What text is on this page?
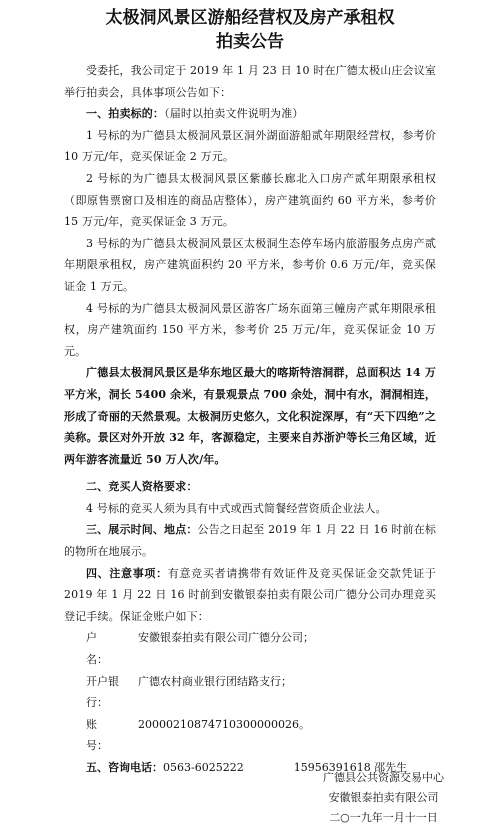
太极洞风景区游船经营权及房产承租权
拍卖公告

受委托，我公司定于 2019 年 1 月 23 日 10 时在广德太极山庄会议室举行拍卖会，具体事项公告如下：

一、拍卖标的：（届时以拍卖文件说明为准）

1 号标的为广德县太极洞风景区洞外湖面游船贰年期限经营权，参考价 10 万元/年，竞买保证金 2 万元。

2 号标的为广德县太极洞风景区紫藤长廊北入口房产贰年期限承租权（即原售票窗口及相连的商品店整体），房产建筑面约 60 平方米，参考价 15 万元/年，竞买保证金 3 万元。

3 号标的为广德县太极洞风景区太极洞生态停车场内旅游服务点房产贰年期限承租权，房产建筑面积约 20 平方米，参考价 0.6 万元/年，竞买保证金 1 万元。

4 号标的为广德县太极洞风景区游客广场东面第三幢房产贰年期限承租权，房产建筑面约 150 平方米，参考价 25 万元/年，竞买保证金 10 万元。

广德县太极洞风景区是华东地区最大的喀斯特溶洞群，总面积达 14 万平方米，洞长 5400 余米，有景观景点 700 余处，洞中有水，洞洞相连，形成了奇丽的天然景观。太极洞历史悠久，文化积淀深厚，有“天下四绝”之美称。景区对外开放 32 年，客源稳定，主要来自苏浙沪等长三角区域，近两年游客流量近 50 万人次/年。

二、竞买人资格要求：

4 号标的竞买人须为具有中式或西式简餐经营资质企业法人。

三、展示时间、地点：公告之日起至 2019 年 1 月 22 日 16 时前在标的物所在地展示。

四、注意事项：有意竞买者请携带有效证件及竞买保证金交款凭证于 2019 年 1 月 22 日 16 时前到安徽银泰拍卖有限公司广德分公司办理竞买登记手续。保证金账户如下：

户　　名：
安徽银泰拍卖有限公司广德分公司；
开户银行：
广德农村商业银行团结路支行；
账　　号：
20000210874710300000026。
五、咨询电话： 0563-6025222	15956391618 邵先生
广德县公共资源交易中心
安徽银泰拍卖有限公司
二○一九年一月十一日
